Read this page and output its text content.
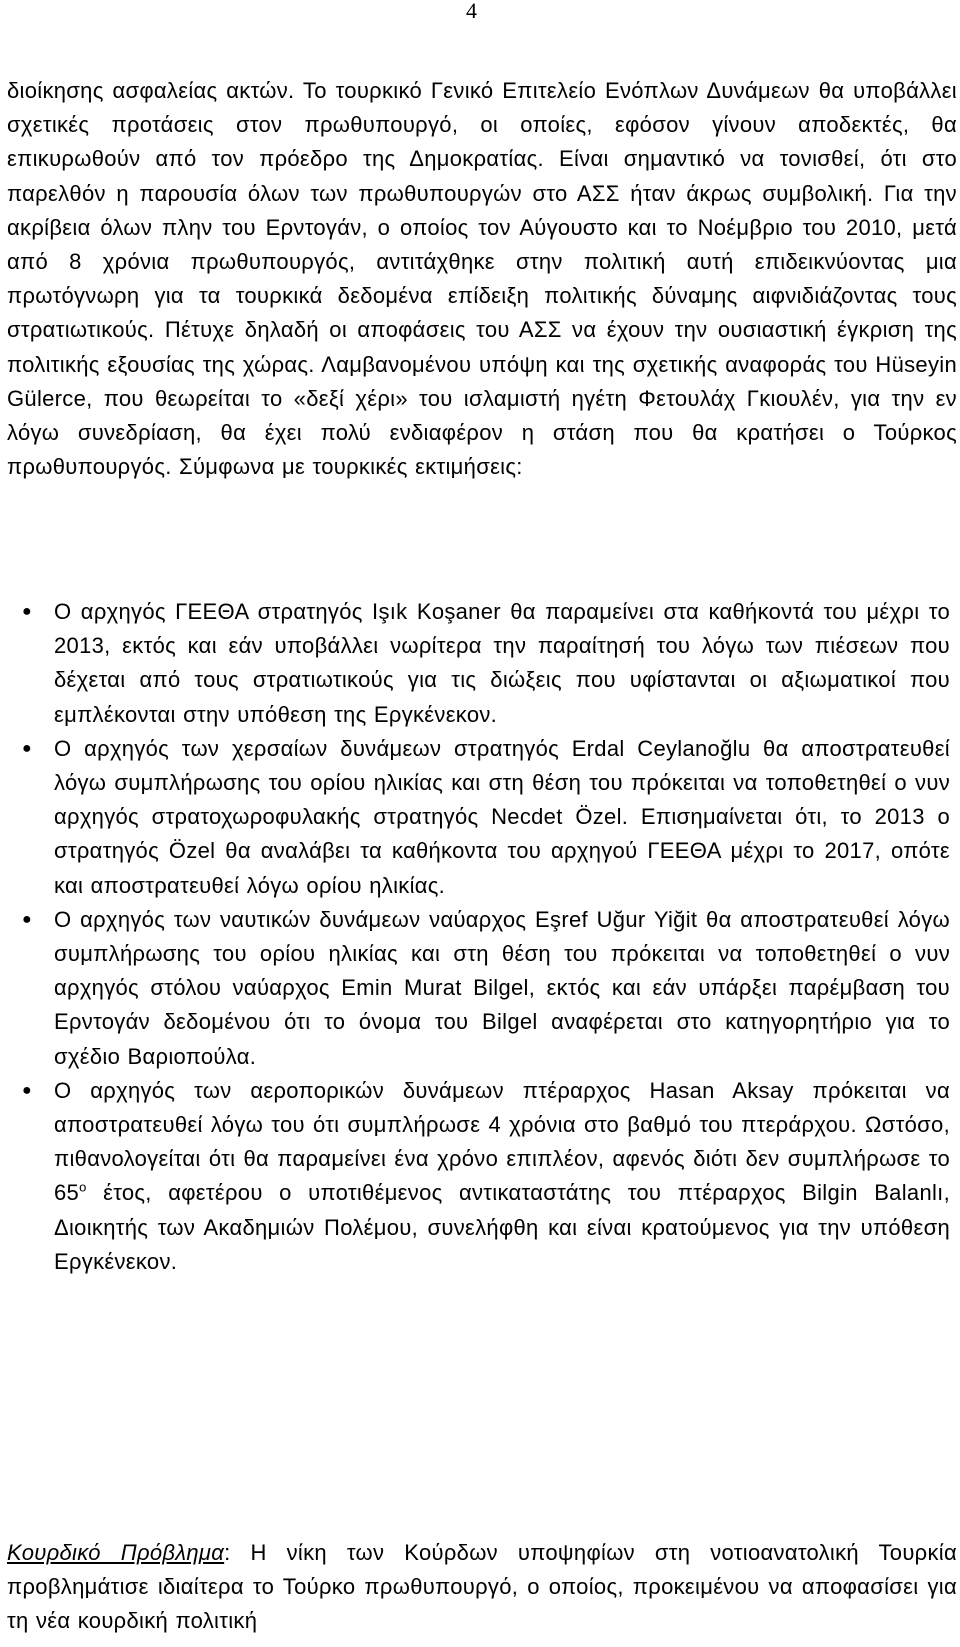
4

διοίκησης ασφαλείας ακτών. Το τουρκικό Γενικό Επιτελείο Ενόπλων Δυνάμεων θα υποβάλλει σχετικές προτάσεις στον πρωθυπουργό, οι οποίες, εφόσον γίνουν αποδεκτές, θα επικυρωθούν από τον πρόεδρο της Δημοκρατίας. Είναι σημαντικό να τονισθεί, ότι στο παρελθόν η παρουσία όλων των πρωθυπουργών στο ΑΣΣ ήταν άκρως συμβολική. Για την ακρίβεια όλων πλην του Ερντογάν, ο οποίος τον Αύγουστο και το Νοέμβριο του 2010, μετά από 8 χρόνια πρωθυπουργός, αντιτάχθηκε στην πολιτική αυτή επιδεικνύοντας μια πρωτόγνωρη για τα τουρκικά δεδομένα επίδειξη πολιτικής δύναμης αιφνιδιάζοντας τους στρατιωτικούς. Πέτυχε δηλαδή οι αποφάσεις του ΑΣΣ να έχουν την ουσιαστική έγκριση της πολιτικής εξουσίας της χώρας. Λαμβανομένου υπόψη και της σχετικής αναφοράς του Hüseyin Gülerce, που θεωρείται το «δεξί χέρι» του ισλαμιστή ηγέτη Φετουλάχ Γκιουλέν, για την εν λόγω συνεδρίαση, θα έχει πολύ ενδιαφέρον η στάση που θα κρατήσει ο Τούρκος πρωθυπουργός. Σύμφωνα με τουρκικές εκτιμήσεις:

● Ο αρχηγός ΓΕΕΘΑ στρατηγός Işık Koşaner θα παραμείνει στα καθήκοντά του μέχρι το 2013, εκτός και εάν υποβάλλει νωρίτερα την παραίτησή του λόγω των πιέσεων που δέχεται από τους στρατιωτικούς για τις διώξεις που υφίστανται οι αξιωματικοί που εμπλέκονται στην υπόθεση της Εργκένεκον.
● Ο αρχηγός των χερσαίων δυνάμεων στρατηγός Erdal Ceylanoğlu θα αποστρατευθεί λόγω συμπλήρωσης του ορίου ηλικίας και στη θέση του πρόκειται να τοποθετηθεί ο νυν αρχηγός στρατοχωροφυλακής στρατηγός Necdet Özel. Επισημαίνεται ότι, το 2013 ο στρατηγός Özel θα αναλάβει τα καθήκοντα του αρχηγού ΓΕΕΘΑ μέχρι το 2017, οπότε και αποστρατευθεί λόγω ορίου ηλικίας.
● Ο αρχηγός των ναυτικών δυνάμεων ναύαρχος Eşref Uğur Yiğit θα αποστρατευθεί λόγω συμπλήρωσης του ορίου ηλικίας και στη θέση του πρόκειται να τοποθετηθεί ο νυν αρχηγός στόλου ναύαρχος Emin Murat Bilgel, εκτός και εάν υπάρξει παρέμβαση του Ερντογάν δεδομένου ότι το όνομα του Bilgel αναφέρεται στο κατηγορητήριο για το σχέδιο Βαριοπούλα.
● Ο αρχηγός των αεροπορικών δυνάμεων πτέραρχος Hasan Aksay πρόκειται να αποστρατευθεί λόγω του ότι συμπλήρωσε 4 χρόνια στο βαθμό του πτεράρχου. Ωστόσο, πιθανολογείται ότι θα παραμείνει ένα χρόνο επιπλέον, αφενός διότι δεν συμπλήρωσε το $65^o$ έτος, αφετέρου ο υποτιθέμενος αντικαταστάτης του πτέραρχος Bilgin Balanlı, Διοικητής των Ακαδημιών Πολέμου, συνελήφθη και είναι κρατούμενος για την υπόθεση Εργκένεκον.

Κουρδικό Πρόβλημα: Η νίκη των Κούρδων υποψηφίων στη νοτιοανατολική Τουρκία προβλημάτισε ιδιαίτερα το Τούρκο πρωθυπουργό, ο οποίος, προκειμένου να αποφασίσει για τη νέα κουρδική πολιτική
